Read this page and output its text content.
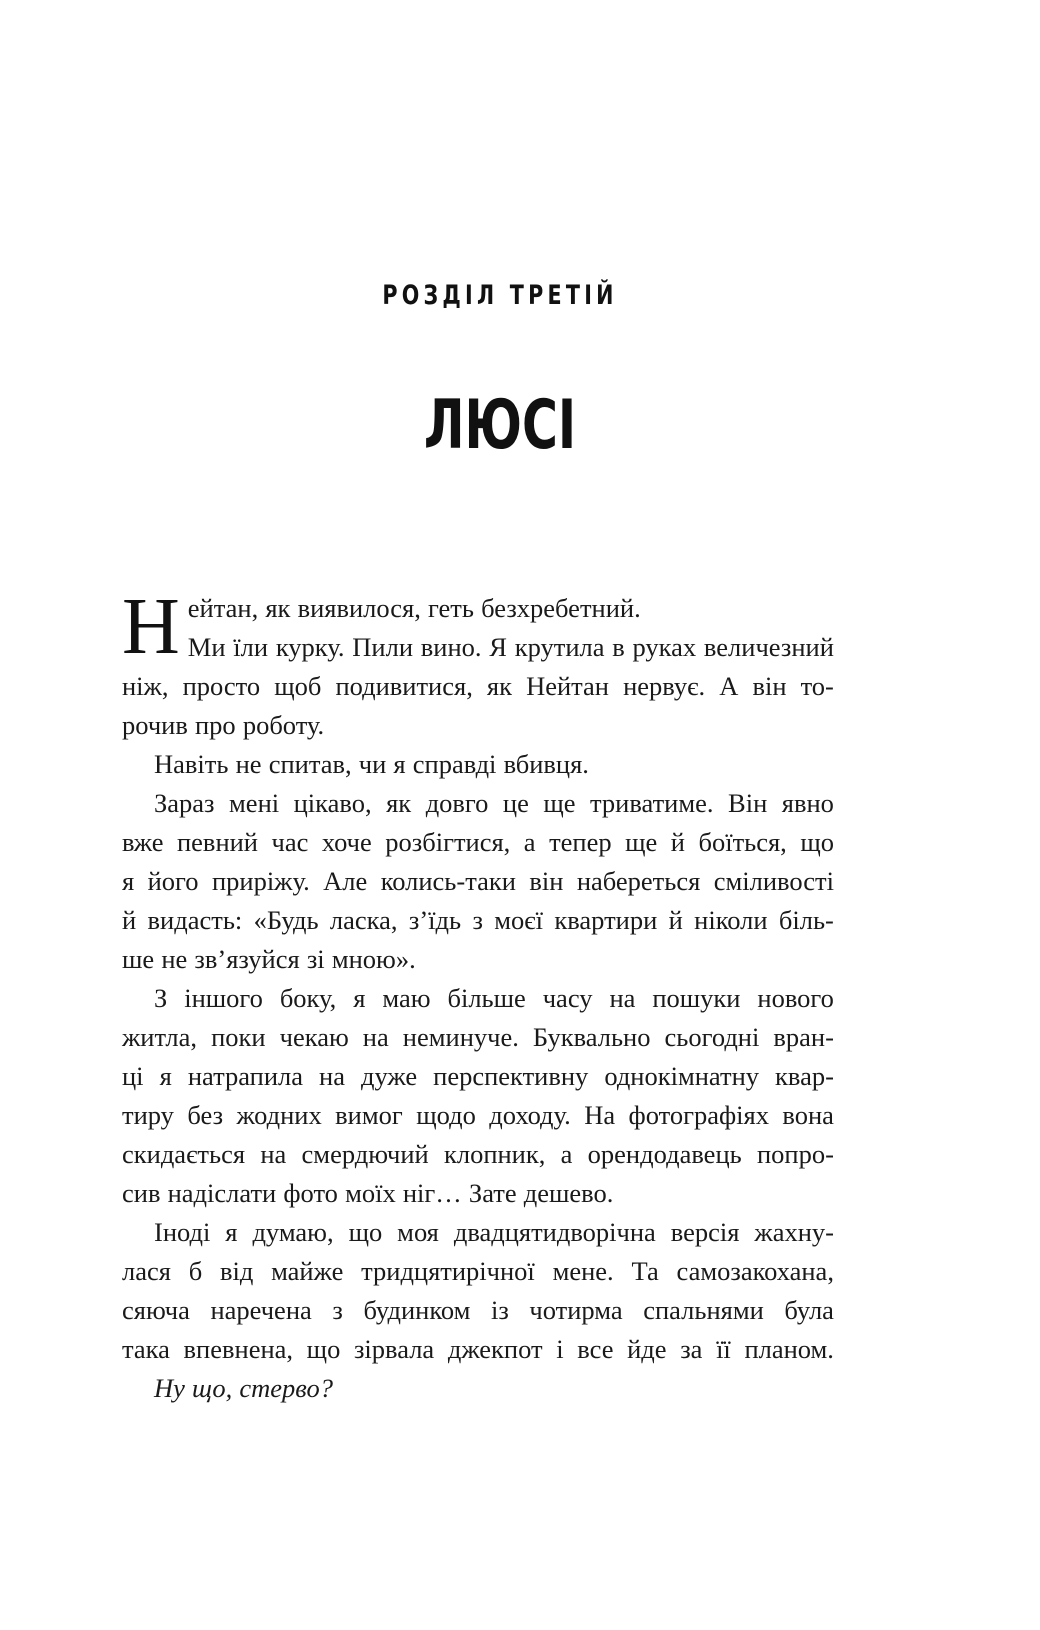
РОЗДІЛ ТРЕТІЙ
ЛЮСІ
Н ейтан, як виявилося, геть безхребетний.
Ми їли курку. Пили вино. Я крутила в руках величезний
ніж, просто щоб подивитися, як Нейтан нервує. А він то-
рочив про роботу.
Навіть не спитав, чи я справді вбивця.
Зараз мені цікаво, як довго це ще триватиме. Він явно
вже певний час хоче розбігтися, а тепер ще й боїться, що
я його приріжу. Але колись-таки він набереться сміливості
й видасть: «Будь ласка, з’їдь з моєї квартири й ніколи біль-
ше не зв’язуйся зі мною».
З іншого боку, я маю більше часу на пошуки нового
житла, поки чекаю на неминуче. Буквально сьогодні вран-
ці я натрапила на дуже перспективну однокімнатну квар-
тиру без жодних вимог щодо доходу. На фотографіях вона
скидається на смердючий клопник, а орендодавець попро-
сив надіслати фото моїх ніг… Зате дешево.
Іноді я думаю, що моя двадцятидворічна версія жахну-
лася б від майже тридцятирічної мене. Та самозакохана,
сяюча наречена з будинком із чотирма спальнями була
така впевнена, що зірвала джекпот і все йде за її планом.
Ну що, стерво?
